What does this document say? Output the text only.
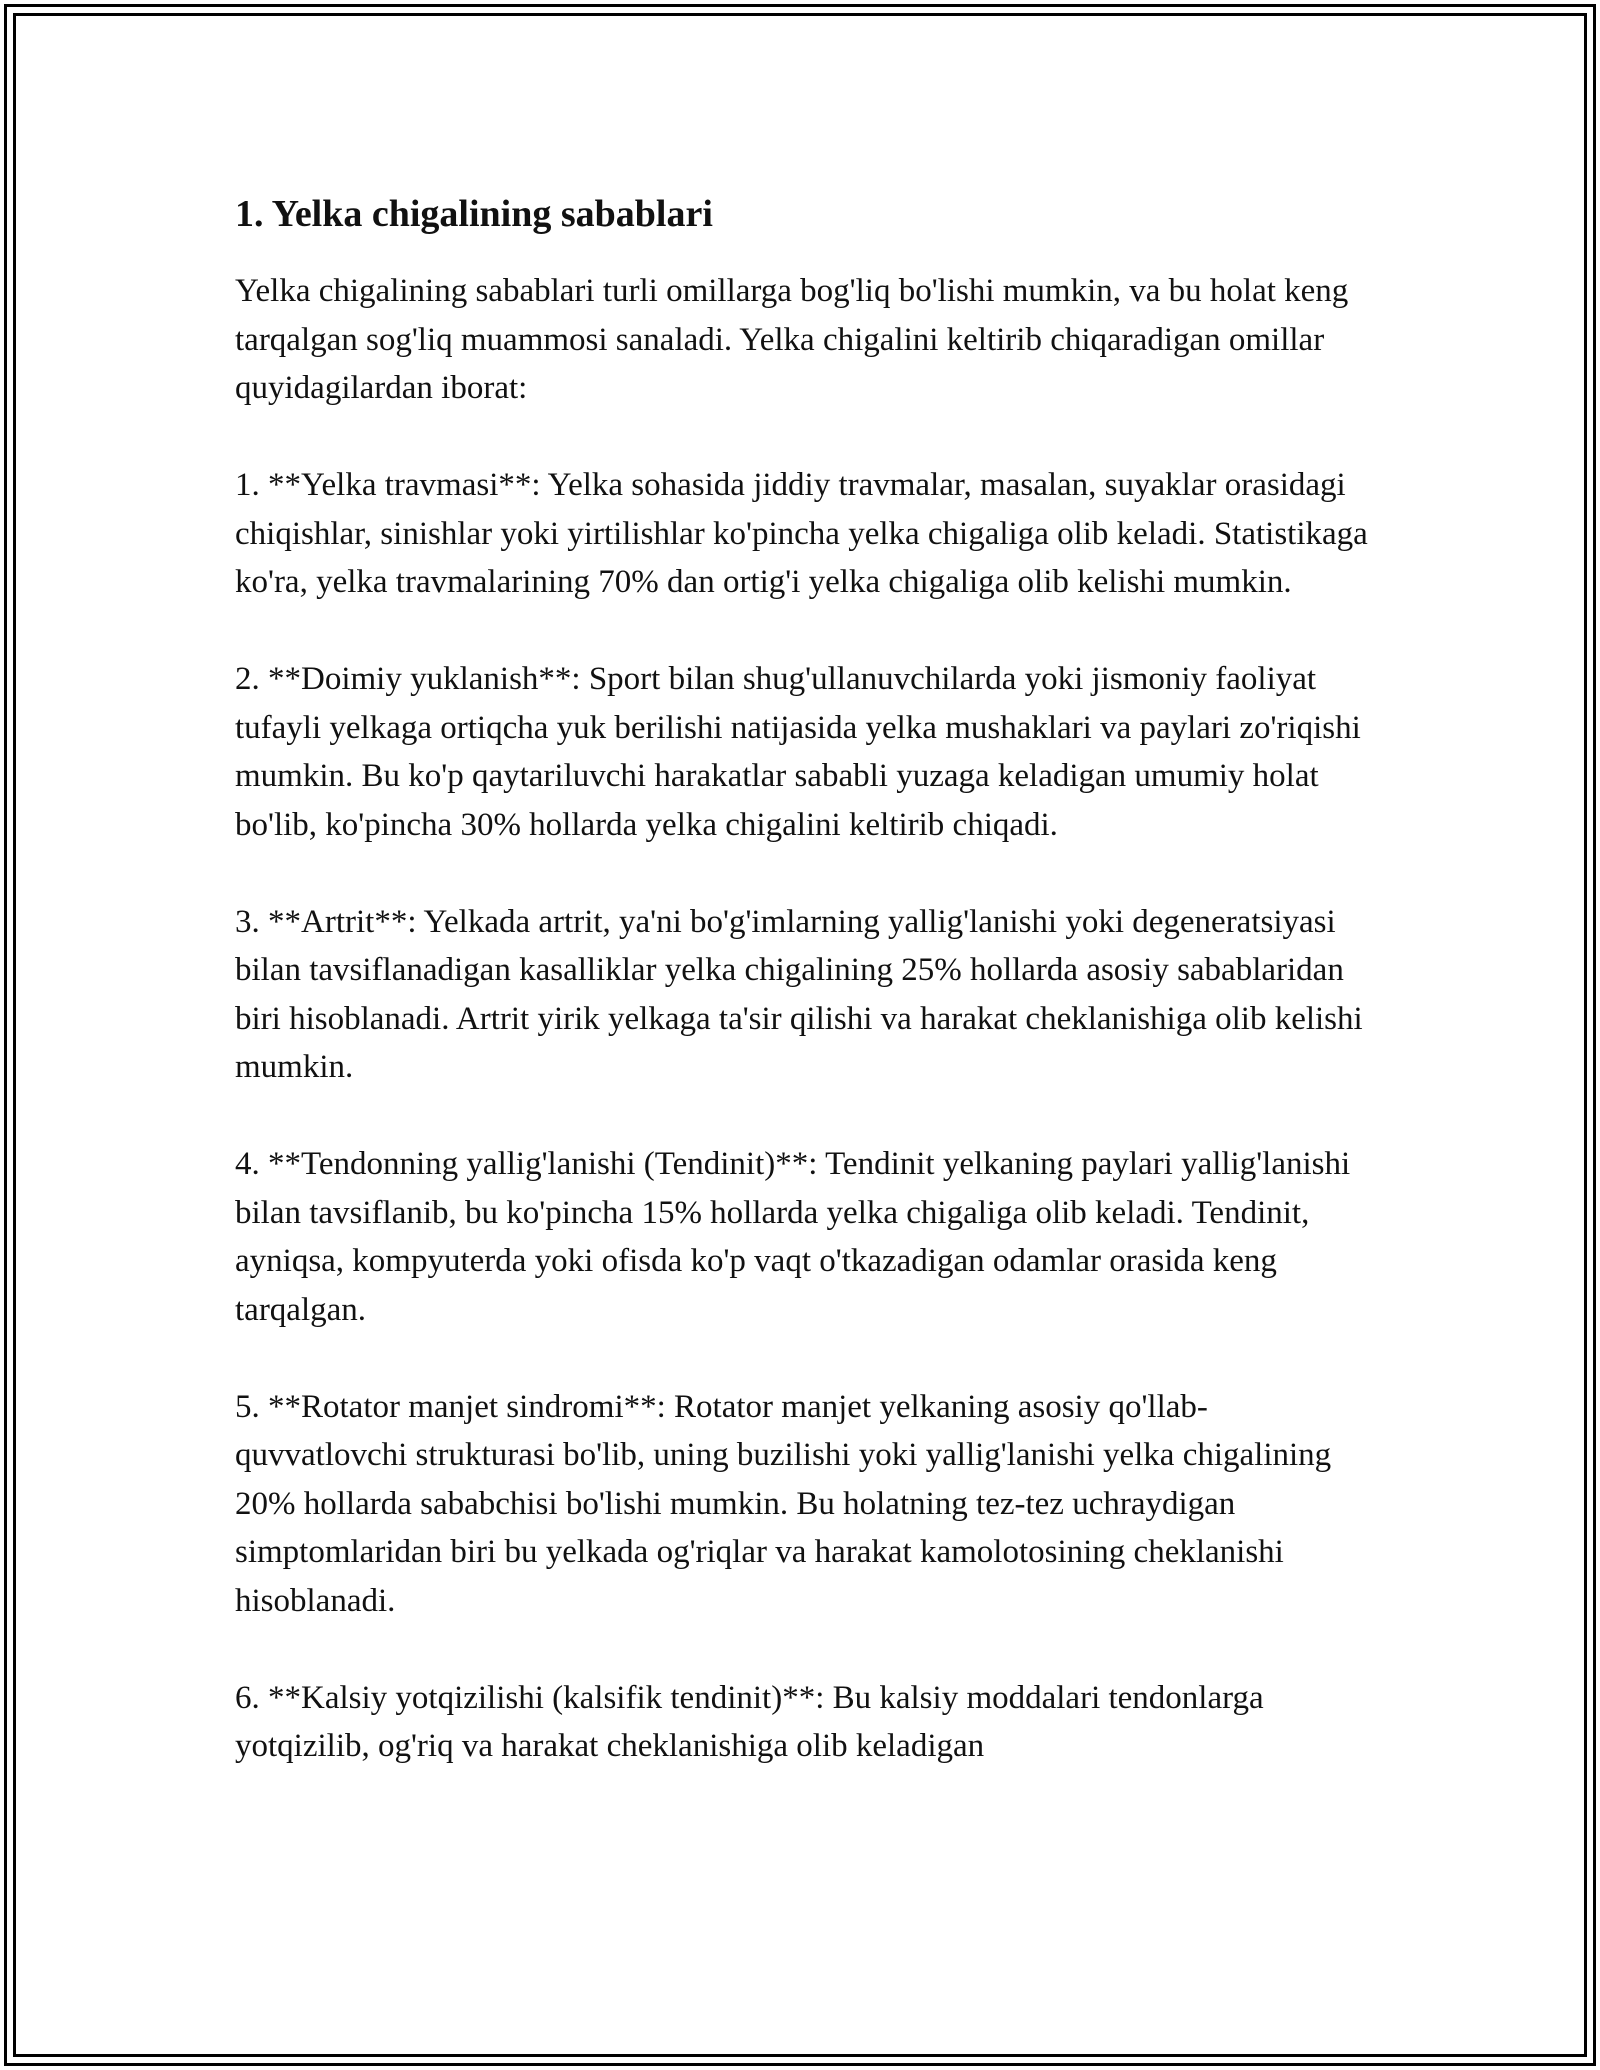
1. Yelka chigalining sabablari

Yelka chigalining sabablari turli omillarga bog'liq bo'lishi mumkin, va bu holat keng tarqalgan sog'liq muammosi sanaladi. Yelka chigalini keltirib chiqaradigan omillar quyidagilardan iborat:

1. **Yelka travmasi**: Yelka sohasida jiddiy travmalar, masalan, suyaklar orasidagi chiqishlar, sinishlar yoki yirtilishlar ko'pincha yelka chigaliga olib keladi. Statistikaga ko'ra, yelka travmalarining 70% dan ortig'i yelka chigaliga olib kelishi mumkin.

2. **Doimiy yuklanish**: Sport bilan shug'ullanuvchilarda yoki jismoniy faoliyat tufayli yelkaga ortiqcha yuk berilishi natijasida yelka mushaklari va paylari zo'riqishi mumkin. Bu ko'p qaytariluvchi harakatlar sababli yuzaga keladigan umumiy holat bo'lib, ko'pincha 30% hollarda yelka chigalini keltirib chiqadi.

3. **Artrit**: Yelkada artrit, ya'ni bo'g'imlarning yallig'lanishi yoki degeneratsiyasi bilan tavsiflanadigan kasalliklar yelka chigalining 25% hollarda asosiy sabablaridan biri hisoblanadi. Artrit yirik yelkaga ta'sir qilishi va harakat cheklanishiga olib kelishi mumkin.

4. **Tendonning yallig'lanishi (Tendinit)**: Tendinit yelkaning paylari yallig'lanishi bilan tavsiflanib, bu ko'pincha 15% hollarda yelka chigaliga olib keladi. Tendinit, ayniqsa, kompyuterda yoki ofisda ko'p vaqt o'tkazadigan odamlar orasida keng tarqalgan.

5. **Rotator manjet sindromi**: Rotator manjet yelkaning asosiy qo'llab-quvvatlovchi strukturasi bo'lib, uning buzilishi yoki yallig'lanishi yelka chigalining 20% hollarda sababchisi bo'lishi mumkin. Bu holatning tez-tez uchraydigan simptomlaridan biri bu yelkada og'riqlar va harakat kamolotosining cheklanishi hisoblanadi.

6. **Kalsiy yotqizilishi (kalsifik tendinit)**: Bu kalsiy moddalari tendonlarga yotqizilib, og'riq va harakat cheklanishiga olib keladigan
